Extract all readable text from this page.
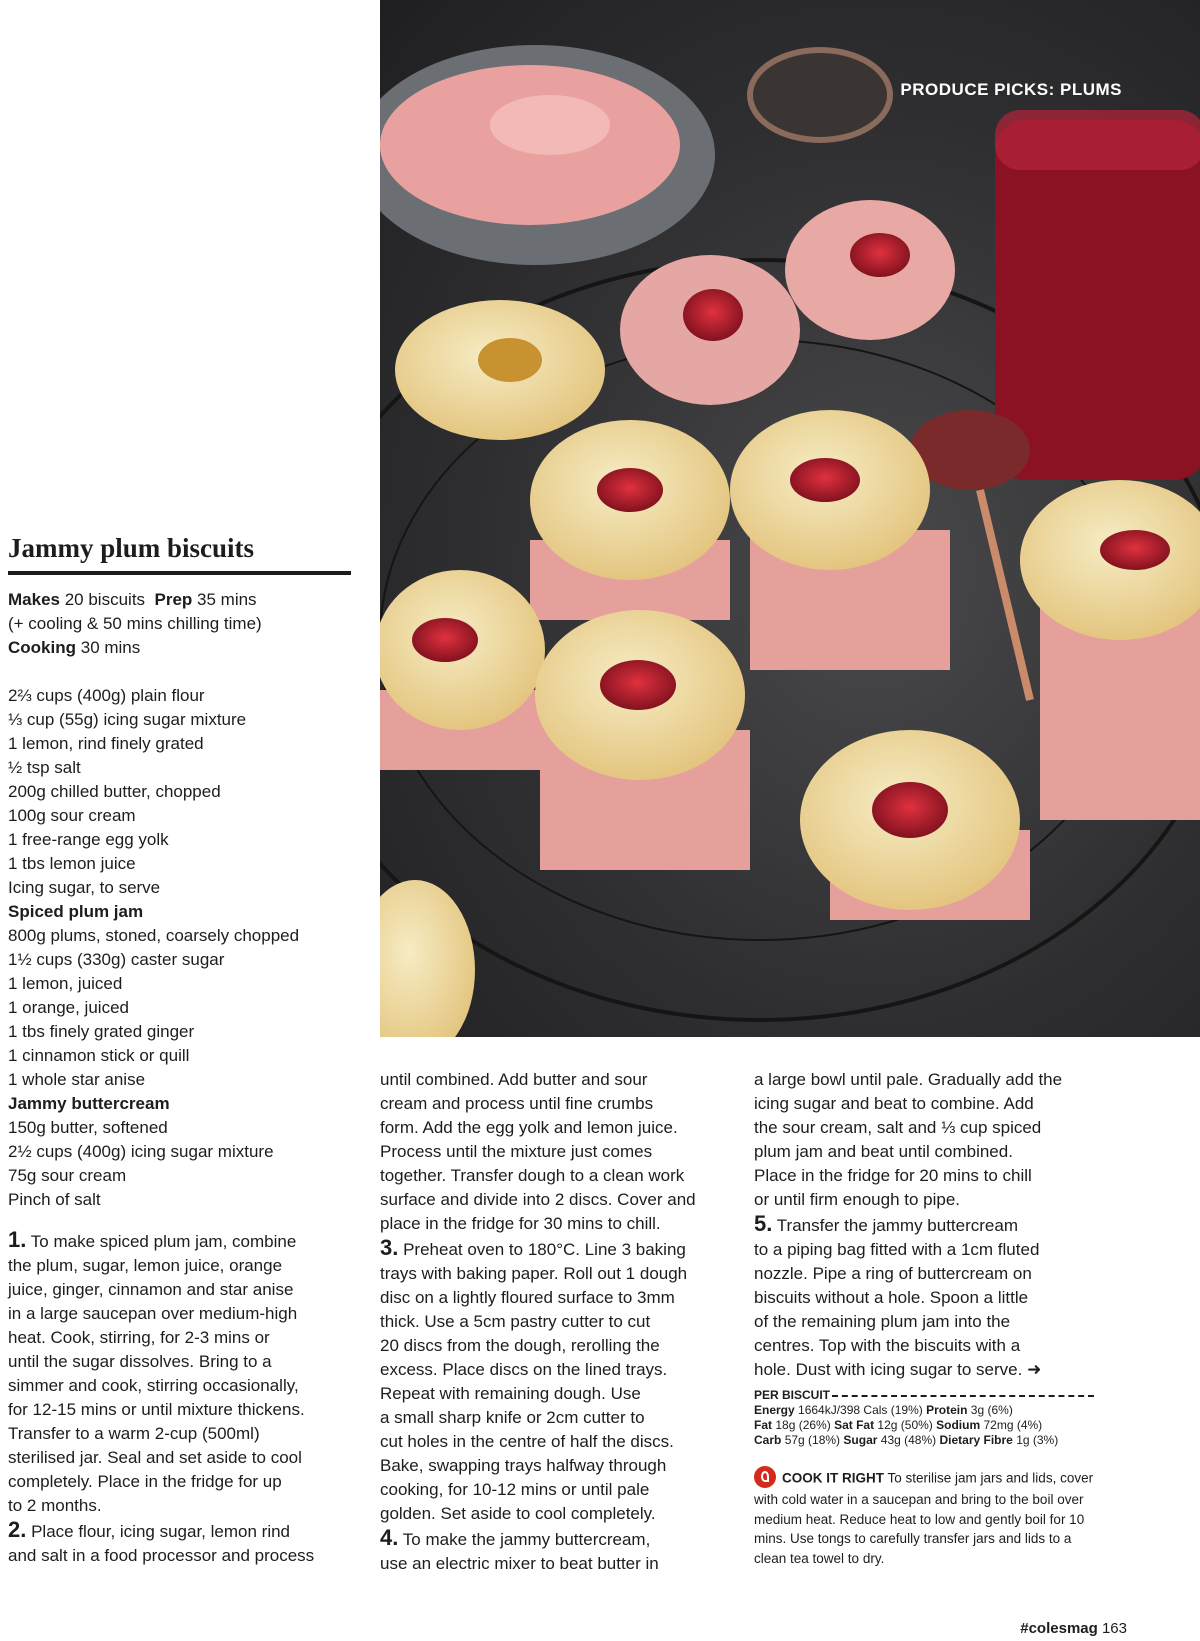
PRODUCE PICKS: PLUMS
Jammy plum biscuits
Makes 20 biscuits Prep 35 mins
(+ cooling & 50 mins chilling time)
Cooking 30 mins
2⅔ cups (400g) plain flour
⅓ cup (55g) icing sugar mixture
1 lemon, rind finely grated
½ tsp salt
200g chilled butter, chopped
100g sour cream
1 free-range egg yolk
1 tbs lemon juice
Icing sugar, to serve
Spiced plum jam
800g plums, stoned, coarsely chopped
1½ cups (330g) caster sugar
1 lemon, juiced
1 orange, juiced
1 tbs finely grated ginger
1 cinnamon stick or quill
1 whole star anise
Jammy buttercream
150g butter, softened
2½ cups (400g) icing sugar mixture
75g sour cream
Pinch of salt

1. To make spiced plum jam, combine

the plum, sugar, lemon juice, orange

juice, ginger, cinnamon and star anise

in a large saucepan over medium-high

heat. Cook, stirring, for 2-3 mins or

until the sugar dissolves. Bring to a

simmer and cook, stirring occasionally,

for 12-15 mins or until mixture thickens.

Transfer to a warm 2-cup (500ml)

sterilised jar. Seal and set aside to cool

completely. Place in the fridge for up

to 2 months.

2. Place flour, icing sugar, lemon rind

and salt in a food processor and process

until combined. Add butter and sour

cream and process until fine crumbs

form. Add the egg yolk and lemon juice.

Process until the mixture just comes

together. Transfer dough to a clean work

surface and divide into 2 discs. Cover and

place in the fridge for 30 mins to chill.

3. Preheat oven to 180°C. Line 3 baking

trays with baking paper. Roll out 1 dough

disc on a lightly floured surface to 3mm

thick. Use a 5cm pastry cutter to cut

20 discs from the dough, rerolling the

excess. Place discs on the lined trays.

Repeat with remaining dough. Use

a small sharp knife or 2cm cutter to

cut holes in the centre of half the discs.

Bake, swapping trays halfway through

cooking, for 10-12 mins or until pale

golden. Set aside to cool completely.

4. To make the jammy buttercream,

use an electric mixer to beat butter in

a large bowl until pale. Gradually add the

icing sugar and beat to combine. Add

the sour cream, salt and ⅓ cup spiced

plum jam and beat until combined.

Place in the fridge for 20 mins to chill

or until firm enough to pipe.

5. Transfer the jammy buttercream

to a piping bag fitted with a 1cm fluted

nozzle. Pipe a ring of buttercream on

biscuits without a hole. Spoon a little

of the remaining plum jam into the

centres. Top with the biscuits with a

hole. Dust with icing sugar to serve. ➜

PER BISCUIT
Energy 1664kJ/398 Cals (19%) Protein 3g (6%)
Fat 18g (26%) Sat Fat 12g (50%) Sodium 72mg (4%)
Carb 57g (18%) Sugar 43g (48%) Dietary Fibre 1g (3%)
COOK IT RIGHT To sterilise jam jars and lids, cover with cold water in a saucepan and bring to the boil over medium heat. Reduce heat to low and gently boil for 10 mins. Use tongs to carefully transfer jars and lids to a clean tea towel to dry.
#colesmag 163
